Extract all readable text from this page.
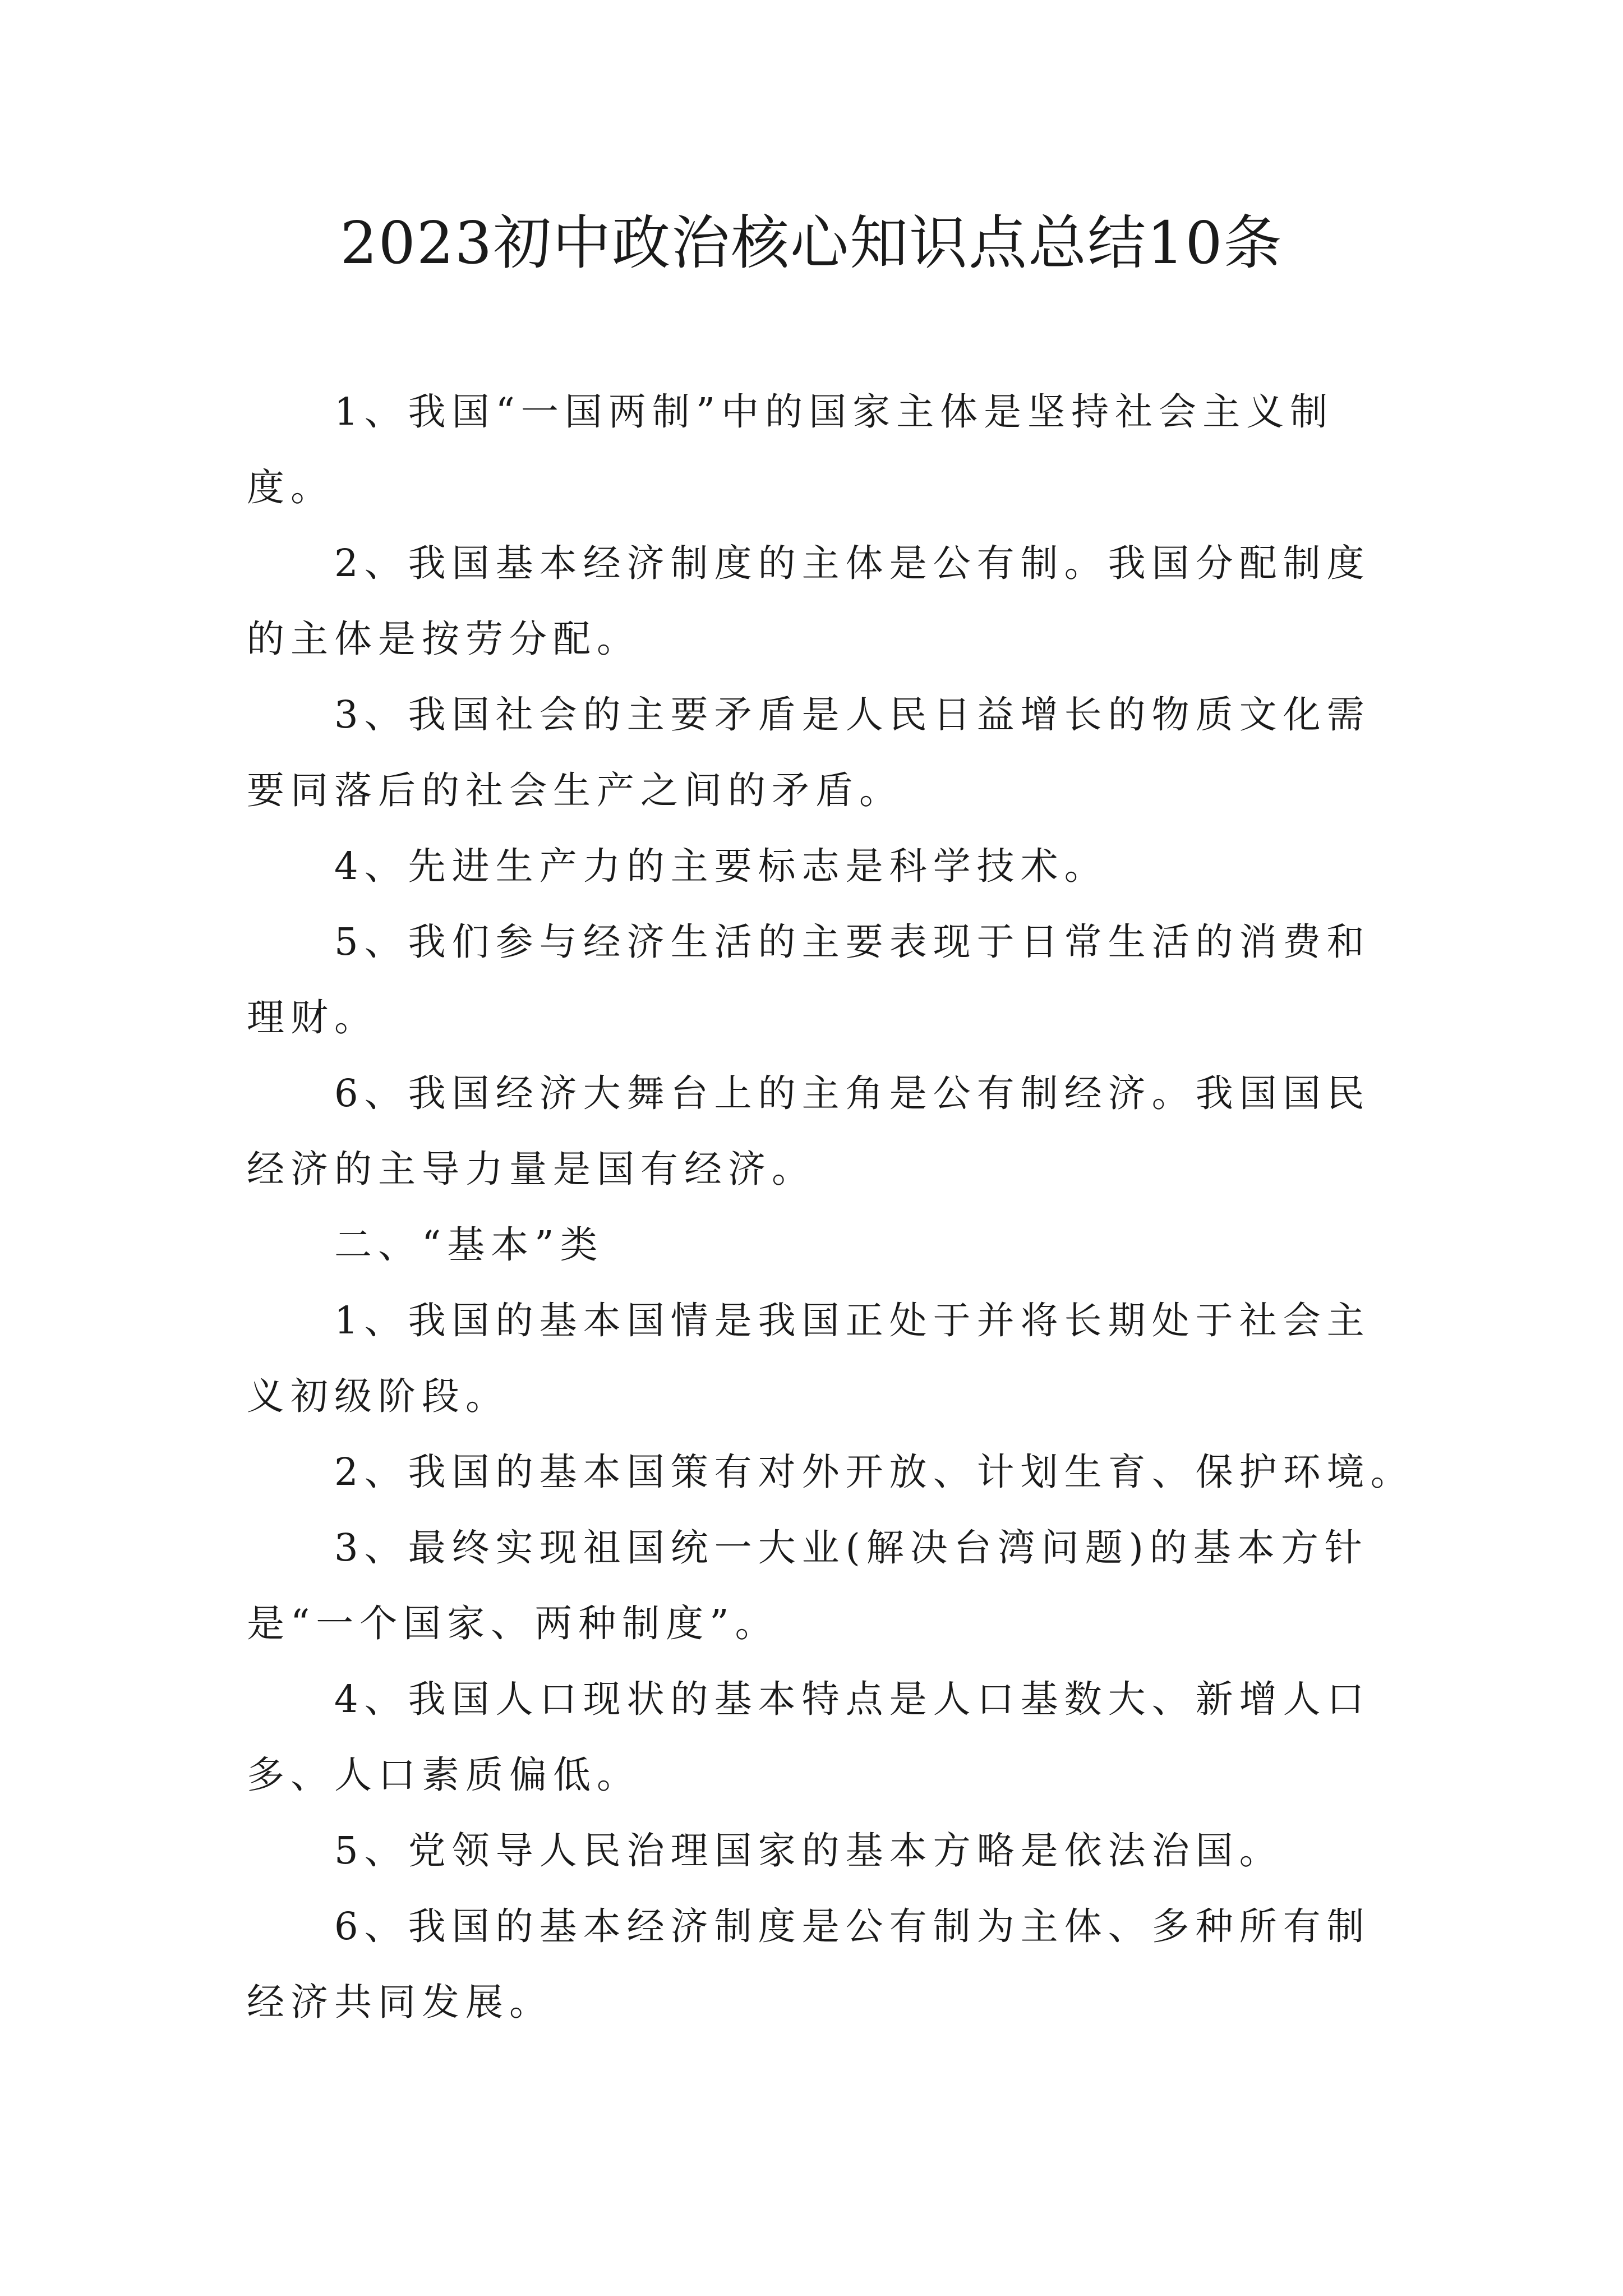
2023初中政治核心知识点总结10条

1、我国“一国两制”中的国家主体是坚持社会主义制度。

2、我国基本经济制度的主体是公有制。我国分配制度的主体是按劳分配。

3、我国社会的主要矛盾是人民日益增长的物质文化需要同落后的社会生产之间的矛盾。

4、先进生产力的主要标志是科学技术。

5、我们参与经济生活的主要表现于日常生活的消费和理财。

6、我国经济大舞台上的主角是公有制经济。我国国民经济的主导力量是国有经济。

二、“基本”类

1、我国的基本国情是我国正处于并将长期处于社会主义初级阶段。

2、我国的基本国策有对外开放、计划生育、保护环境。

3、最终实现祖国统一大业(解决台湾问题)的基本方针是“一个国家、两种制度”。

4、我国人口现状的基本特点是人口基数大、新增人口多、人口素质偏低。

5、党领导人民治理国家的基本方略是依法治国。

6、我国的基本经济制度是公有制为主体、多种所有制经济共同发展。
